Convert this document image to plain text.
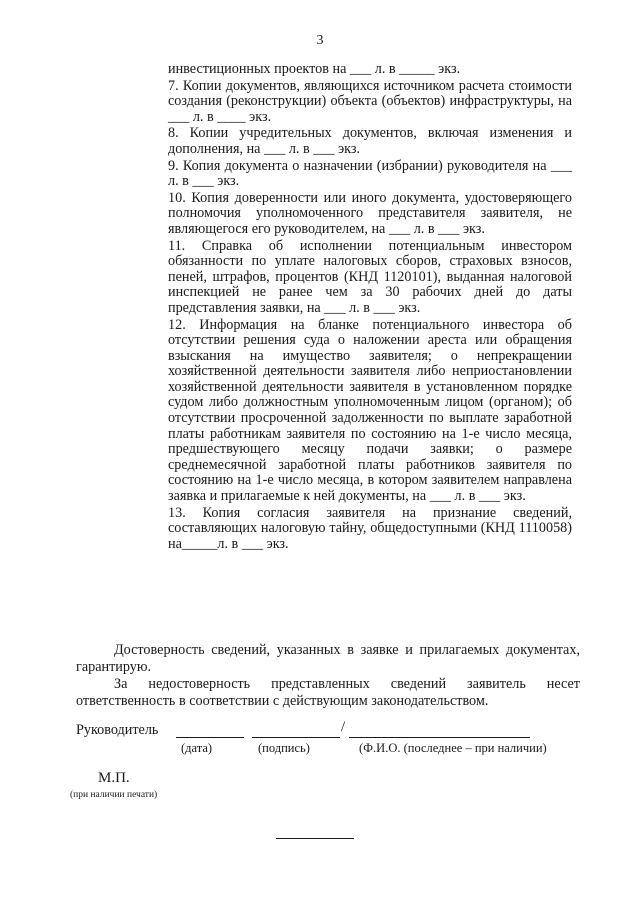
3
инвестиционных проектов на ___ л. в _____ экз.
7. Копии документов, являющихся источником расчета стоимости создания (реконструкции) объекта (объектов) инфраструктуры, на ___ л. в ____ экз.
8. Копии учредительных документов, включая изменения и дополнения, на ___ л. в ___ экз.
9. Копия документа о назначении (избрании) руководителя на ___ л. в ___ экз.
10. Копия доверенности или иного документа, удостоверяющего полномочия уполномоченного представителя заявителя, не являющегося его руководителем, на ___ л. в ___ экз.
11. Справка об исполнении потенциальным инвестором обязанности по уплате налоговых сборов, страховых взносов, пеней, штрафов, процентов (КНД 1120101), выданная налоговой инспекцией не ранее чем за 30 рабочих дней до даты представления заявки, на ___ л. в ___ экз.
12. Информация на бланке потенциального инвестора об отсутствии решения суда о наложении ареста или обращения взыскания на имущество заявителя; о непрекращении хозяйственной деятельности заявителя либо неприостановлении хозяйственной деятельности заявителя в установленном порядке судом либо должностным уполномоченным лицом (органом); об отсутствии просроченной задолженности по выплате заработной платы работникам заявителя по состоянию на 1-е число месяца, предшествующего месяцу подачи заявки; о размере среднемесячной заработной платы работников заявителя по состоянию на 1-е число месяца, в котором заявителем направлена заявка и прилагаемые к ней документы, на ___ л. в ___ экз.
13. Копия согласия заявителя на признание сведений, составляющих налоговую тайну, общедоступными (КНД 1110058) на_____л. в ___ экз.
Достоверность сведений, указанных в заявке и прилагаемых документах, гарантирую.
За недостоверность представленных сведений заявитель несет ответственность в соответствии с действующим законодательством.
Руководитель	/
(дата)	(подпись)	(Ф.И.О. (последнее – при наличии)
М.П.
(при наличии печати)
